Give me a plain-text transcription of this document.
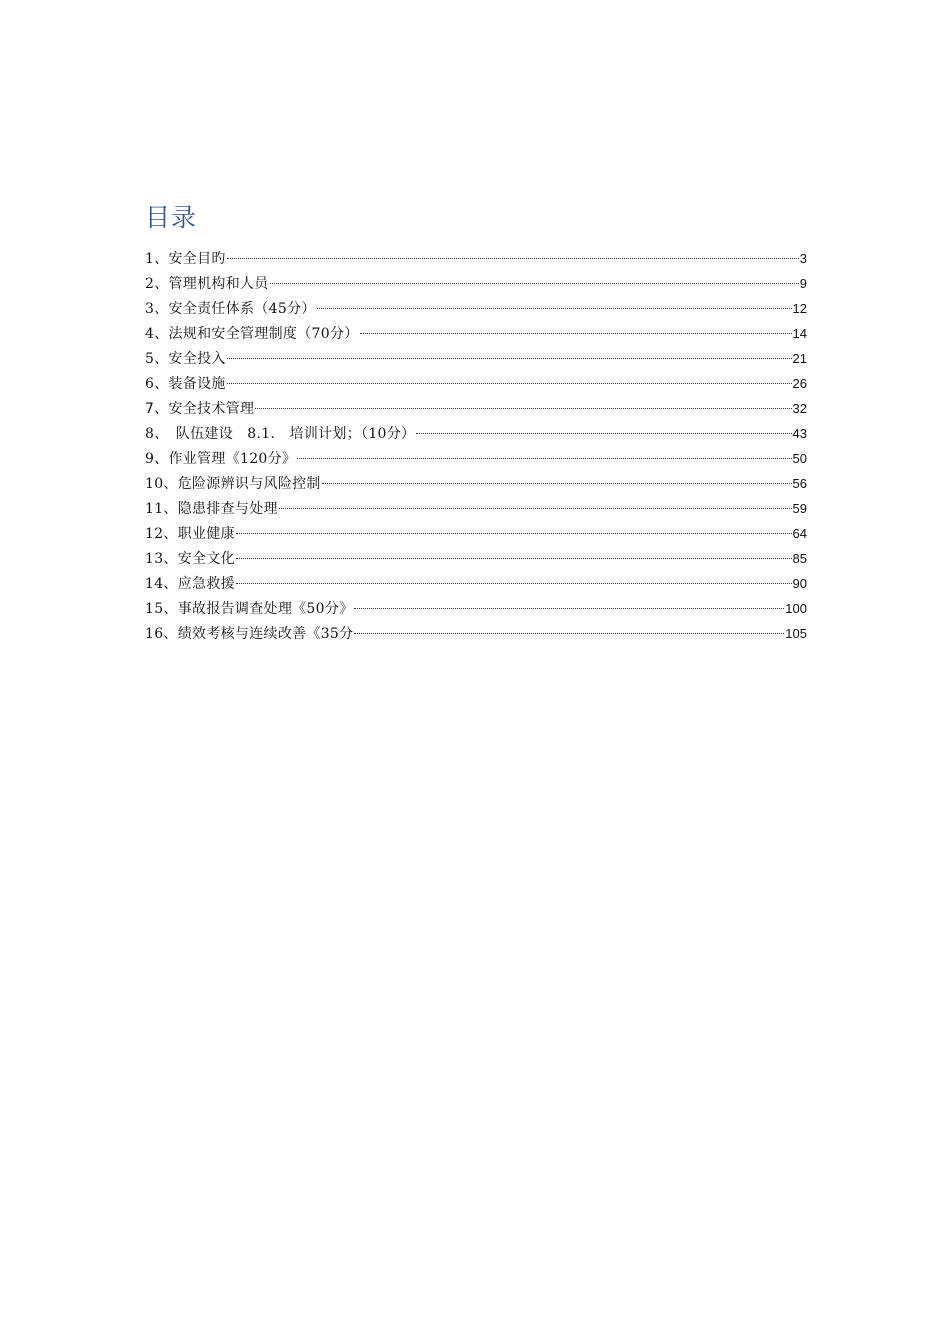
目录
1、安全目旳	3
2、管理机构和人员	9
3、安全责任体系（45分）	12
4、法规和安全管理制度（70分）	14
5、安全投入	21
6、装备设施	26
7、安全技术管理	32
8、　队伍建设　8.1.　培训计划；（10分）	43
9、作业管理《120分》	50
10、危险源辨识与风险控制	56
11、隐患排查与处理	59
12、职业健康	64
13、安全文化	85
14、应急救援	90
15、事故报告调查处理《50分》	100
16、绩效考核与连续改善《35分	105
